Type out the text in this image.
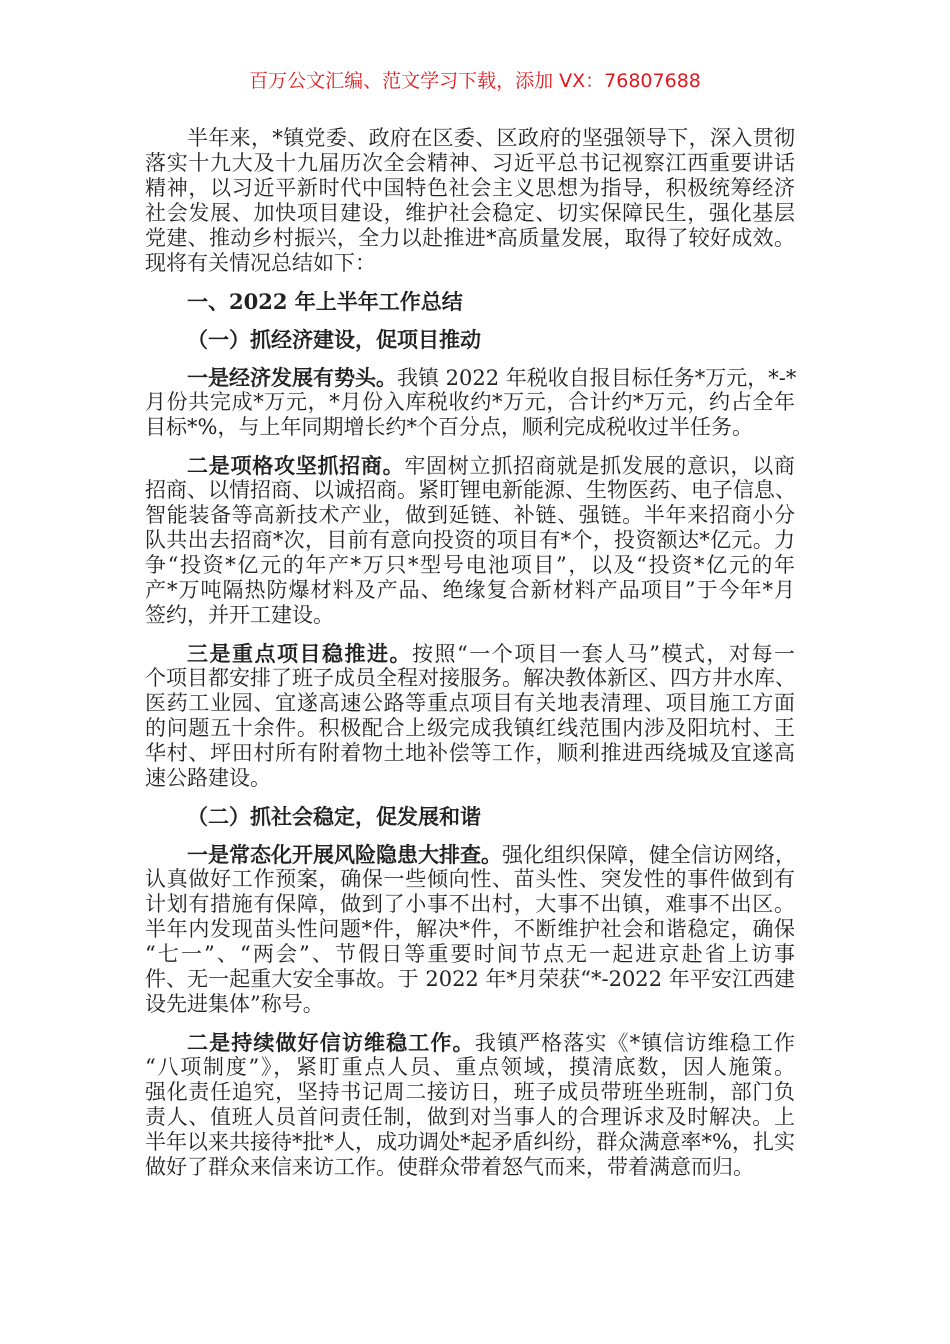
百万公文汇编、范文学习下载，添加 VX：76807688
半年来，*镇党委、政府在区委、区政府的坚强领导下，深入贯彻
落实十九大及十九届历次全会精神、习近平总书记视察江西重要讲话
精神，以习近平新时代中国特色社会主义思想为指导，积极统筹经济
社会发展、加快项目建设，维护社会稳定、切实保障民生，强化基层
党建、推动乡村振兴，全力以赴推进*高质量发展，取得了较好成效。
现将有关情况总结如下：
一、2022 年上半年工作总结
（一）抓经济建设，促项目推动
一是经济发展有势头。我镇 2022 年税收自报目标任务*万元，*-*
月份共完成*万元，*月份入库税收约*万元，合计约*万元，约占全年
目标*%，与上年同期增长约*个百分点，顺利完成税收过半任务。
二是项格攻坚抓招商。牢固树立抓招商就是抓发展的意识，以商
招商、以情招商、以诚招商。紧盯锂电新能源、生物医药、电子信息、
智能装备等高新技术产业，做到延链、补链、强链。半年来招商小分
队共出去招商*次，目前有意向投资的项目有*个，投资额达*亿元。力
争“投资*亿元的年产*万只*型号电池项目”，以及“投资*亿元的年
产*万吨隔热防爆材料及产品、绝缘复合新材料产品项目”于今年*月
签约，并开工建设。
三是重点项目稳推进。按照“一个项目一套人马”模式，对每一
个项目都安排了班子成员全程对接服务。解决教体新区、四方井水库、
医药工业园、宜遂高速公路等重点项目有关地表清理、项目施工方面
的问题五十余件。积极配合上级完成我镇红线范围内涉及阳坑村、王
华村、坪田村所有附着物土地补偿等工作，顺利推进西绕城及宜遂高
速公路建设。
（二）抓社会稳定，促发展和谐
一是常态化开展风险隐患大排查。强化组织保障，健全信访网络，
认真做好工作预案，确保一些倾向性、苗头性、突发性的事件做到有
计划有措施有保障，做到了小事不出村，大事不出镇，难事不出区。
半年内发现苗头性问题*件，解决*件，不断维护社会和谐稳定，确保
“七一”、“两会”、节假日等重要时间节点无一起进京赴省上访事
件、无一起重大安全事故。于 2022 年*月荣获“*-2022 年平安江西建
设先进集体”称号。
二是持续做好信访维稳工作。我镇严格落实《*镇信访维稳工作
“八项制度”》，紧盯重点人员、重点领域，摸清底数，因人施策。
强化责任追究，坚持书记周二接访日，班子成员带班坐班制，部门负
责人、值班人员首问责任制，做到对当事人的合理诉求及时解决。上
半年以来共接待*批*人，成功调处*起矛盾纠纷，群众满意率*%，扎实
做好了群众来信来访工作。使群众带着怒气而来，带着满意而归。
